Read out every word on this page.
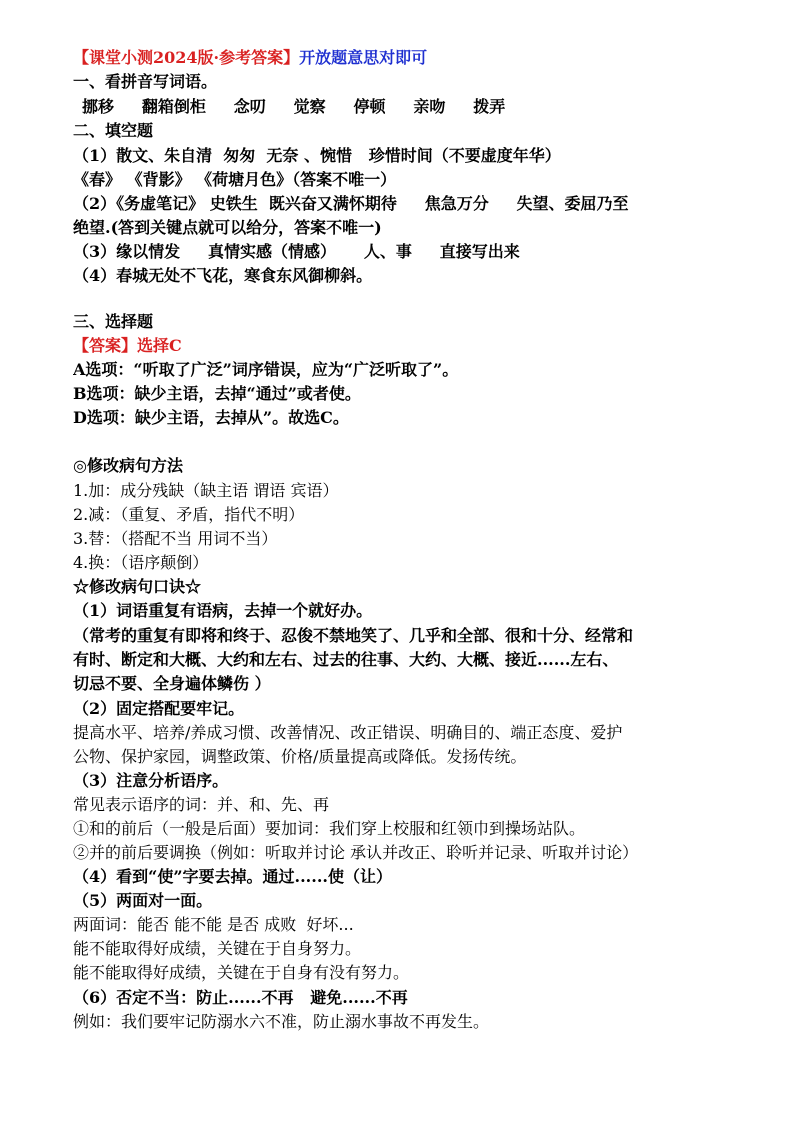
【课堂小测2024版·参考答案】开放题意思对即可
一、看拼音写词语。
挪移 翻箱倒柜 念叨 觉察 停顿 亲吻 拨弄
二、填空题
（1）散文、朱自清  匆匆  无奈 、惋惜   珍惜时间（不要虚度年华）
《春》 《背影》 《荷塘月色》（答案不唯一）
（2）《务虚笔记》 史铁生  既兴奋又满怀期待     焦急万分     失望、委屈乃至
绝望.(答到关键点就可以给分，答案不唯一)
（3）缘以情发     真情实感（情感）     人、事     直接写出来
（4）春城无处不飞花，寒食东风御柳斜。
三、选择题
【答案】选择C
A选项：“听取了广泛”词序错误，应为“广泛听取了”。
B选项：缺少主语，去掉“通过”或者使。
D选项：缺少主语，去掉从”。故选C。
◎修改病句方法
1.加：成分残缺（缺主语 谓语 宾语）
2.减：（重复、矛盾，指代不明）
3.替：（搭配不当 用词不当）
4.换：（语序颠倒）
☆修改病句口诀☆
（1）词语重复有语病，去掉一个就好办。
（常考的重复有即将和终于、忍俊不禁地笑了、几乎和全部、很和十分、经常和
有时、断定和大概、大约和左右、过去的往事、大约、大概、接近......左右、
切忌不要、全身遍体鳞伤 ）
（2）固定搭配要牢记。
提高水平、培养/养成习惯、改善情况、改正错误、明确目的、端正态度、爱护
公物、保护家园，调整政策、价格/质量提高或降低。发扬传统。
（3）注意分析语序。
常见表示语序的词：并、和、先、再
①和的前后（一般是后面）要加词：我们穿上校服和红领巾到操场站队。
②并的前后要调换（例如：听取并讨论 承认并改正、聆听并记录、听取并讨论）
（4）看到“使”字要去掉。通过......使（让）
（5）两面对一面。
两面词：能否 能不能 是否 成败  好坏...
能不能取得好成绩，关键在于自身努力。
能不能取得好成绩，关键在于自身有没有努力。
（6）否定不当：防止......不再   避免......不再
例如：我们要牢记防溺水六不准，防止溺水事故不再发生。
